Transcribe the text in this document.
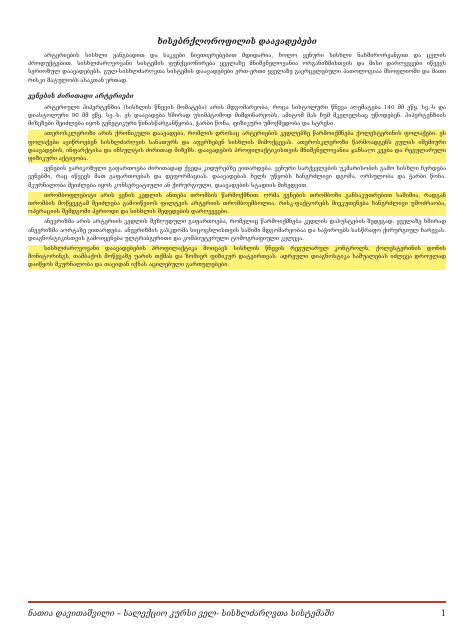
ხისებრქლოროფილის დაავადებები

არტერიების სისხლი ჟანგბადით და საკვები ნივთიერებებით მდიდარია, ხოლო ვენური სისხლი ნახშირორჟანგით და ცვლის პროდუქტებით. სისხლძარღვოვანი სისტემის ფუნქციონირება ყველაზე მნიშვნელოვანია ორგანიზმისთვის და მისი დარღვევები იწვევს სერიოზულ დაავადებებს. გულ-სისხლძარღვთა სისტემის დაავადებები ერთ-ერთი ყველაზე გავრცელებული პათოლოგიაა მსოფლიოში და მათი რისკი მატულობს ასაკთან ერთად.

ვენების ძირითადი არტერიები

არტერიული ჰიპერტენზია (სისხლის წნევის მომატება) არის მდგომარეობა, როცა სისტოლური წნევა აღემატება 140 მმ ვწყ. სვ.-ს და დიასტოლური 90 მმ ვწყ. სვ.-ს. ეს დაავადება ხშირად უსიმპტომოდ მიმდინარეობს, ამიტომ მას ჩუმ მკვლელსაც უწოდებენ. ჰიპერტენზიის მიზეზები შეიძლება იყოს გენეტიკური წინასწარგანწყობა, ჭარბი წონა, ფიზიკური უმოქმედობა და სტრესი.

ათეროსკლეროზი არის ქრონიკული დაავადება, რომლის დროსაც არტერიების კედლებზე წარმოიქმნება ქოლესტერინის ფოლაქები. ეს ფოლაქები ავიწროებენ სისხლძარღვის სანათურს და აფერხებენ სისხლის მიმოქცევას. ათეროსკლეროზი წარმოადგენს გულის იშემიური დაავადების, ინფარქტისა და ინსულტის ძირითად მიზეზს. დაავადების პროფილაქტიკისთვის მნიშვნელოვანია ჯანსაღი კვება და რეგულარული ფიზიკური აქტივობა.

ვენების ვარიკოზული გაფართოება ძირითადად ქვედა კიდურებზე ვითარდება. ვენური სარქველების უკმარისობის გამო სისხლი ჩერდება ვენებში, რაც იწვევს მათ გაფართოებას და დეფორმაციას. დაავადებას ხელს უწყობს ხანგრძლივი დგომა, ორსულობა და ჭარბი წონა. მკურნალობა შეიძლება იყოს კონსერვატიული ან ქირურგიული, დაავადების სტადიის მიხედვით.

თრომბოფლებიტი არის ვენის კედლის ანთება თრომბის წარმოქმნით. ღრმა ვენების თრომბოზი განსაკუთრებით საშიშია, რადგან თრომბის მოწყვეტამ შეიძლება გამოიწვიოს ფილტვის არტერიის თრომბოემბოლია. რისკ-ფაქტორებს მიეკუთვნება ხანგრძლივი უმოძრაობა, ოპერაციის შემდგომი პერიოდი და სისხლის შედედების დარღვევები.

ანევრიზმა არის არტერიის კედლის შეზღუდული გაფართოება, რომელიც წარმოიქმნება კედლის დასუსტების შედეგად. ყველაზე ხშირად ანევრიზმა აორტაზე ვითარდება. ანევრიზმის გასკდომა სიცოცხლისთვის საშიში მდგომარეობაა და საჭიროებს სასწრაფო ქირურგიულ ჩარევას. დიაგნოსტიკისთვის გამოიყენება ულტრაბგერითი და კომპიუტერული ტომოგრაფიული კვლევა.

სისხლძარღვოვანი დაავადებების პროფილაქტიკა მოიცავს სისხლის წნევის რეგულარულ კონტროლს, ქოლესტერინის დონის მონიტორინგს, თამბაქოს მოწევაზე უარის თქმას და ზომიერ ფიზიკურ დატვირთვას. ადრეული დიაგნოსტიკა საშუალებას იძლევა დროულად დაიწყოს მკურნალობა და თავიდან იქნას აცილებული გართულებები.

ნათია დავითაშვილი – სალექციო კურსი ველ- სისხლძარღვთა სისტემაში	1
